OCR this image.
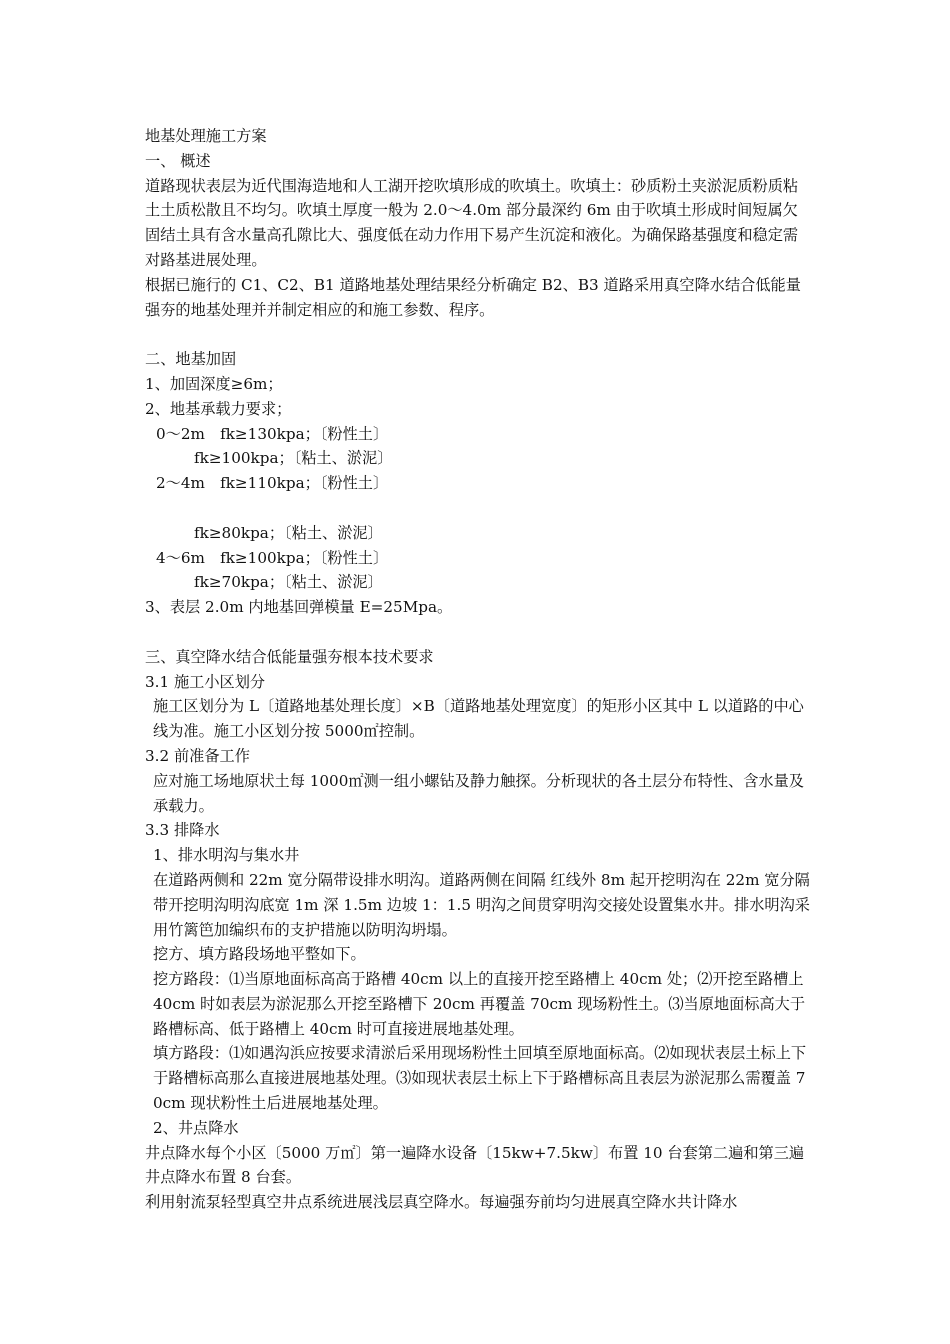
地基处理施工方案

一、 概述

道路现状表层为近代围海造地和人工湖开挖吹填形成的吹填土。吹填土：砂质粉土夹淤泥质粉质粘土土质松散且不均匀。吹填土厚度一般为 2.0～4.0m 部分最深约 6m 由于吹填土形成时间短属欠固结土具有含水量高孔隙比大、强度低在动力作用下易产生沉淀和液化。为确保路基强度和稳定需对路基进展处理。

根据已施行的 C1、C2、B1 道路地基处理结果经分析确定 B2、B3 道路采用真空降水结合低能量强夯的地基处理并并制定相应的和施工参数、程序。

二、地基加固

1、加固深度≥6m；

2、地基承载力要求；

0～2m　fk≥130kpa；〔粉性土〕

fk≥100kpa；〔粘土、淤泥〕

2～4m　fk≥110kpa；〔粉性土〕

fk≥80kpa；〔粘土、淤泥〕

4～6m　fk≥100kpa；〔粉性土〕

fk≥70kpa；〔粘土、淤泥〕

3、表层 2.0m 内地基回弹模量 E=25Mpa。

三、真空降水结合低能量强夯根本技术要求

3.1 施工小区划分

施工区划分为 L〔道路地基处理长度〕×B〔道路地基处理宽度〕的矩形小区其中 L 以道路的中心线为准。施工小区划分按 5000㎡控制。

3.2 前准备工作

应对施工场地原状土每 1000㎡测一组小螺钻及静力触探。分析现状的各土层分布特性、含水量及承载力。

3.3 排降水

1、排水明沟与集水井

在道路两侧和 22m 宽分隔带设排水明沟。道路两侧在间隔 红线外 8m 起开挖明沟在 22m 宽分隔带开挖明沟明沟底宽 1m 深 1.5m 边坡 1：1.5 明沟之间贯穿明沟交接处设置集水井。排水明沟采用竹篱笆加编织布的支护措施以防明沟坍塌。

挖方、填方路段场地平整如下。

挖方路段：⑴当原地面标高高于路槽 40cm 以上的直接开挖至路槽上 40cm 处；⑵开挖至路槽上 40cm 时如表层为淤泥那么开挖至路槽下 20cm 再覆盖 70cm 现场粉性土。⑶当原地面标高大于路槽标高、低于路槽上 40cm 时可直接进展地基处理。

填方路段：⑴如遇沟浜应按要求清淤后采用现场粉性土回填至原地面标高。⑵如现状表层土标上下于路槽标高那么直接进展地基处理。⑶如现状表层土标上下于路槽标高且表层为淤泥那么需覆盖 70cm 现状粉性土后进展地基处理。

2、井点降水

井点降水每个小区〔5000 万㎡〕第一遍降水设备〔15kw+7.5kw〕布置 10 台套第二遍和第三遍井点降水布置 8 台套。

利用射流泵轻型真空井点系统进展浅层真空降水。每遍强夯前均匀进展真空降水共计降水
